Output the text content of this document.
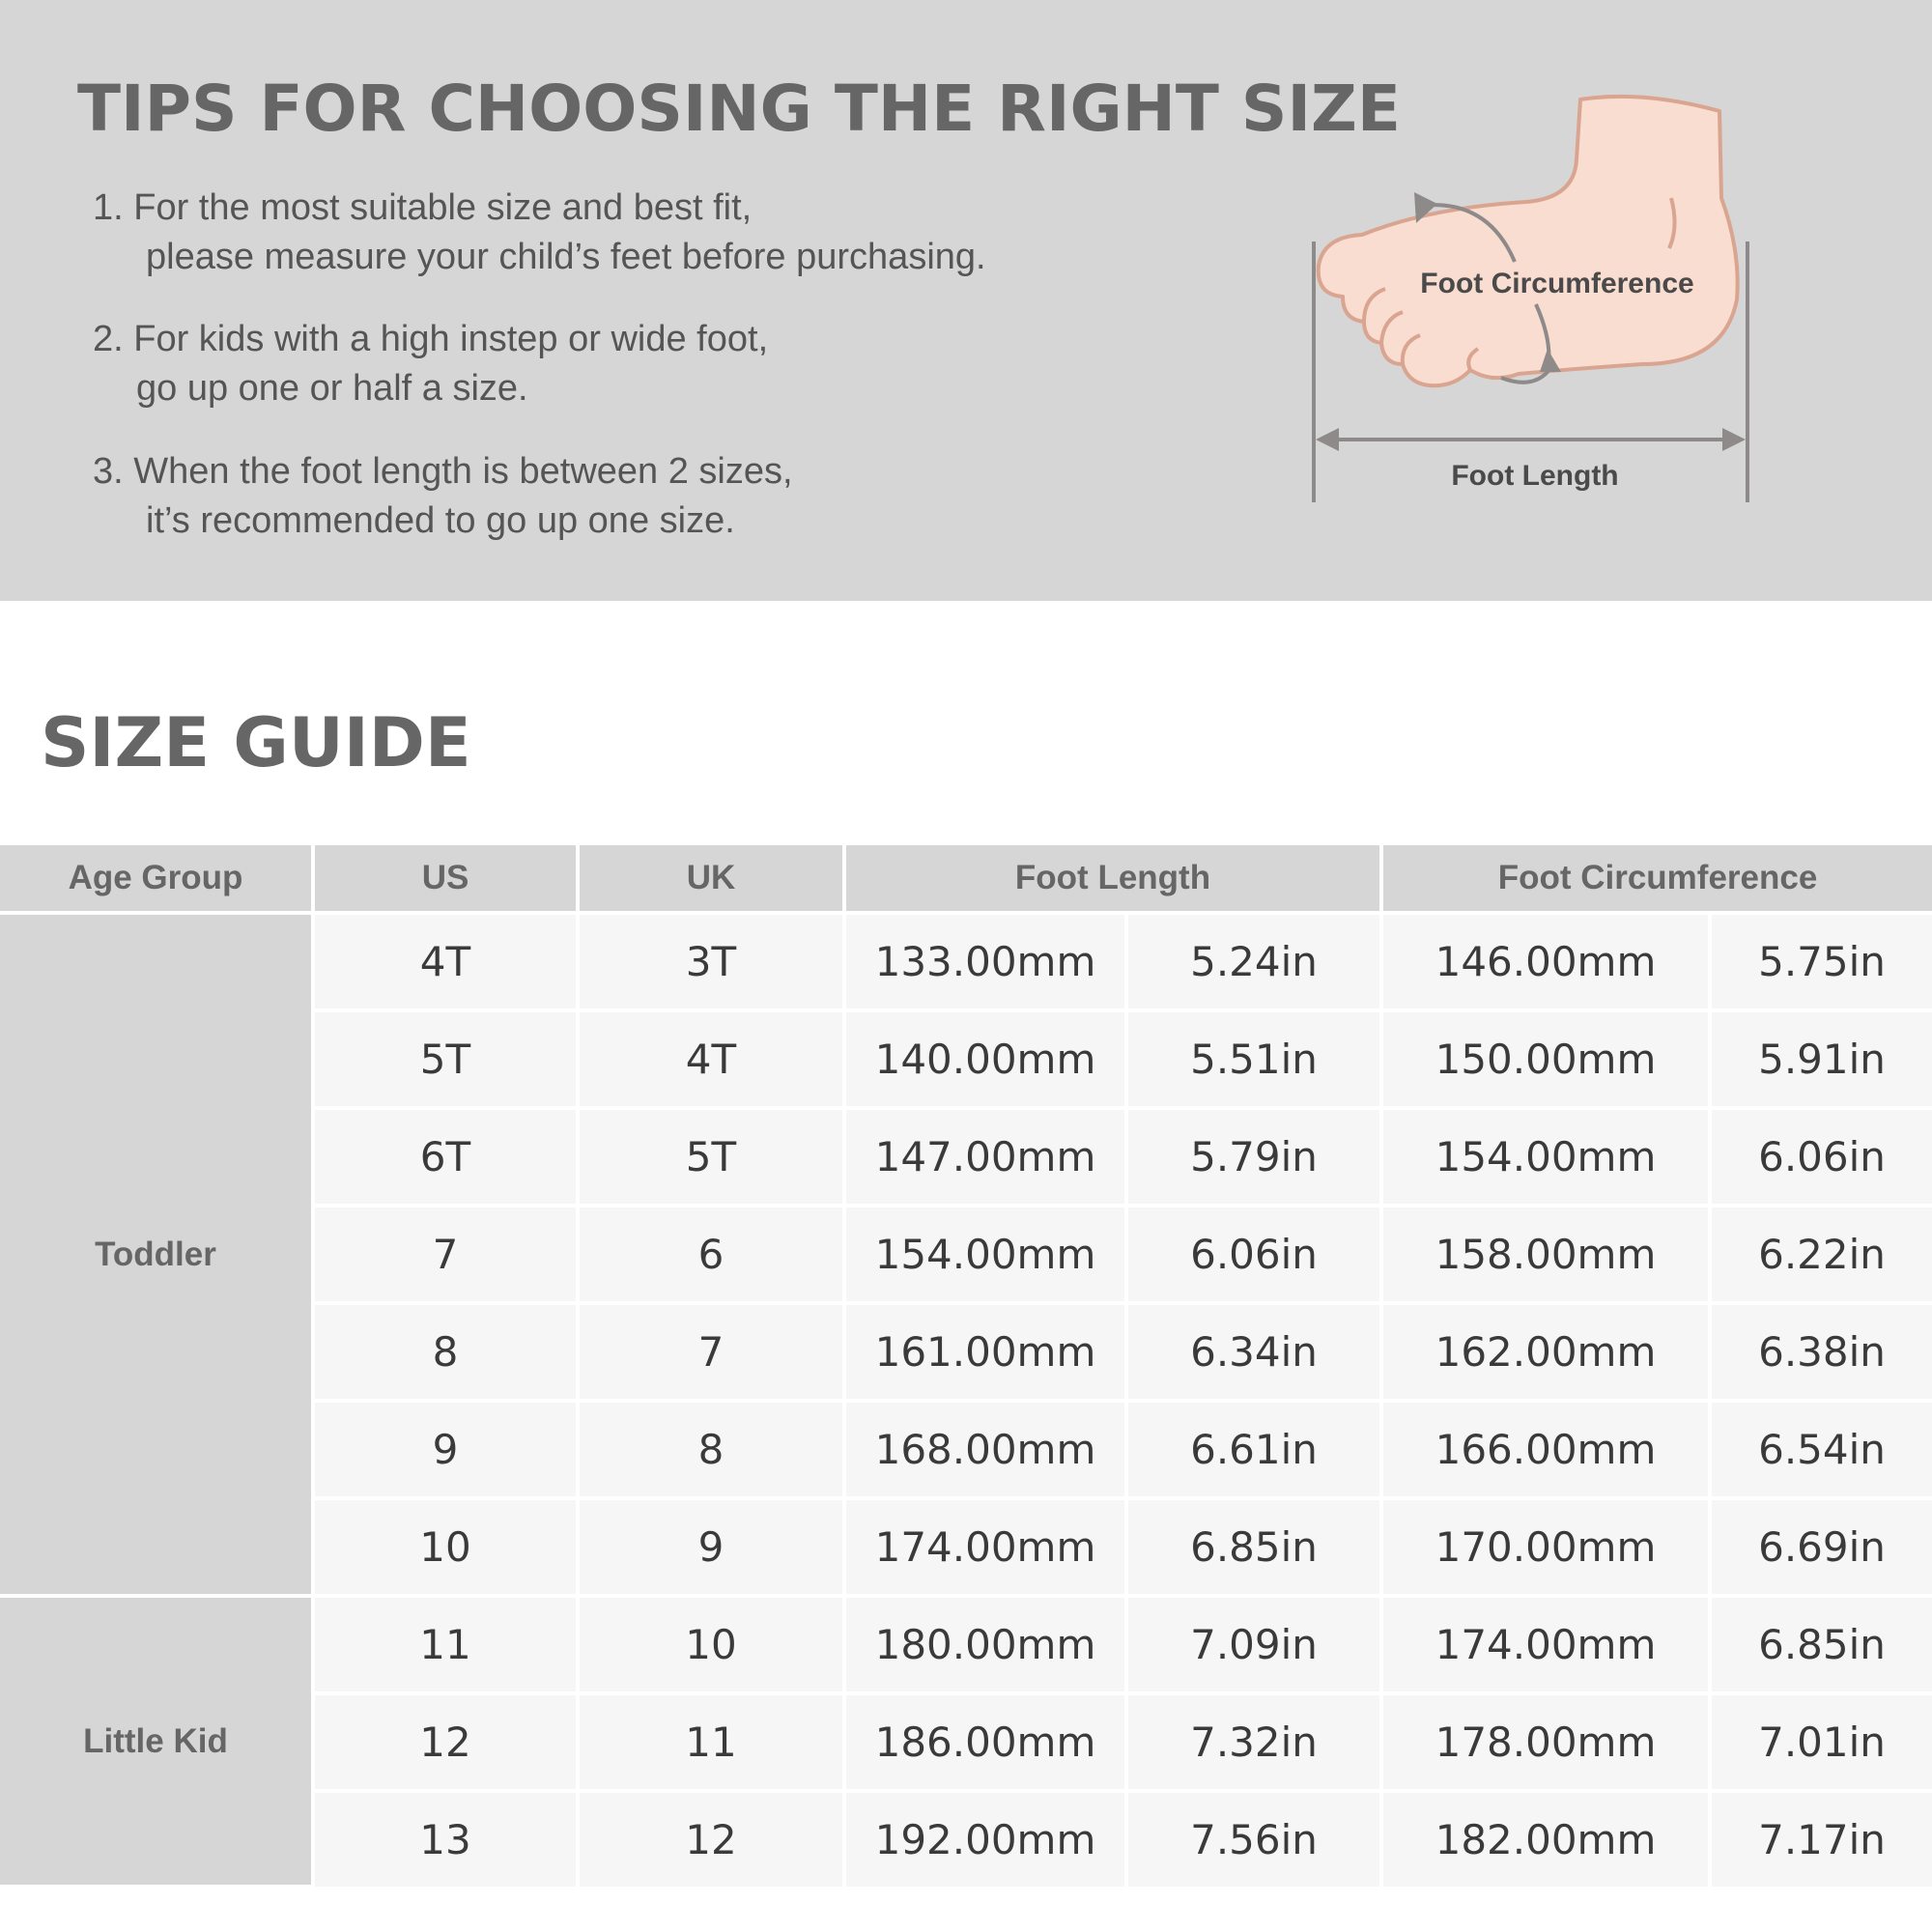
TIPS FOR CHOOSING THE RIGHT SIZE
1. For the most suitable size and best fit,
please measure your child’s feet before purchasing.
2. For kids with a high instep or wide foot,
go up one or half a size.
3. When the foot length is between 2 sizes,
it’s recommended to go up one size.
Foot Circumference
Foot Length
SIZE GUIDE
Age Group	US	UK	Foot Length		Foot Circumference	
Toddler	4T	3T	133.00mm	5.24in	146.00mm	5.75in
	5T	4T	140.00mm	5.51in	150.00mm	5.91in
	6T	5T	147.00mm	5.79in	154.00mm	6.06in
	7	6	154.00mm	6.06in	158.00mm	6.22in
	8	7	161.00mm	6.34in	162.00mm	6.38in
	9	8	168.00mm	6.61in	166.00mm	6.54in
	10	9	174.00mm	6.85in	170.00mm	6.69in
Little Kid	11	10	180.00mm	7.09in	174.00mm	6.85in
	12	11	186.00mm	7.32in	178.00mm	7.01in
	13	12	192.00mm	7.56in	182.00mm	7.17in
